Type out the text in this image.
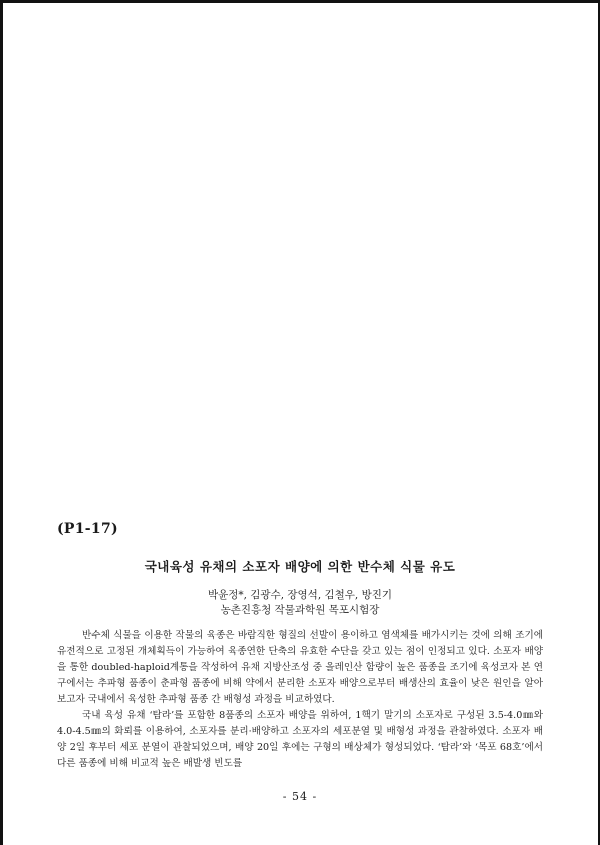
(P1-17)
국내육성 유채의 소포자 배양에 의한 반수체 식물 유도
박윤정*, 김광수, 장영석, 김철우, 방진기
농촌진흥청 작물과학원 목포시험장

반수체 식물을 이용한 작물의 육종은 바람직한 형질의 선발이 용이하고 염색체를 배가시키는 것에 의해 조기에 유전적으로 고정된 개체획득이 가능하여 육종연한 단축의 유효한 수단을 갖고 있는 점이 인정되고 있다. 소포자 배양을 통한 doubled-haploid계통을 작성하여 유채 지방산조성 중 올레인산 함량이 높은 품종을 조기에 육성코자 본 연구에서는 추파형 품종이 춘파형 품종에 비해 약에서 분리한 소포자 배양으로부터 배생산의 효율이 낮은 원인을 알아보고자 국내에서 육성한 추파형 품종 간 배형성 과정을 비교하였다.

국내 육성 유채 ‘탐라’를 포함한 8품종의 소포자 배양을 위하여, 1핵기 말기의 소포자로 구성된 3.5-4.0㎜와 4.0-4.5㎜의 화뢰를 이용하여, 소포자를 분리·배양하고 소포자의 세포분열 및 배형성 과정을 관찰하였다. 소포자 배양 2일 후부터 세포 분열이 관찰되었으며, 배양 20일 후에는 구형의 배상체가 형성되었다. ‘탐라’와 ‘목포 68호’에서 다른 품종에 비해 비교적 높은 배발생 빈도를

- 54 -
